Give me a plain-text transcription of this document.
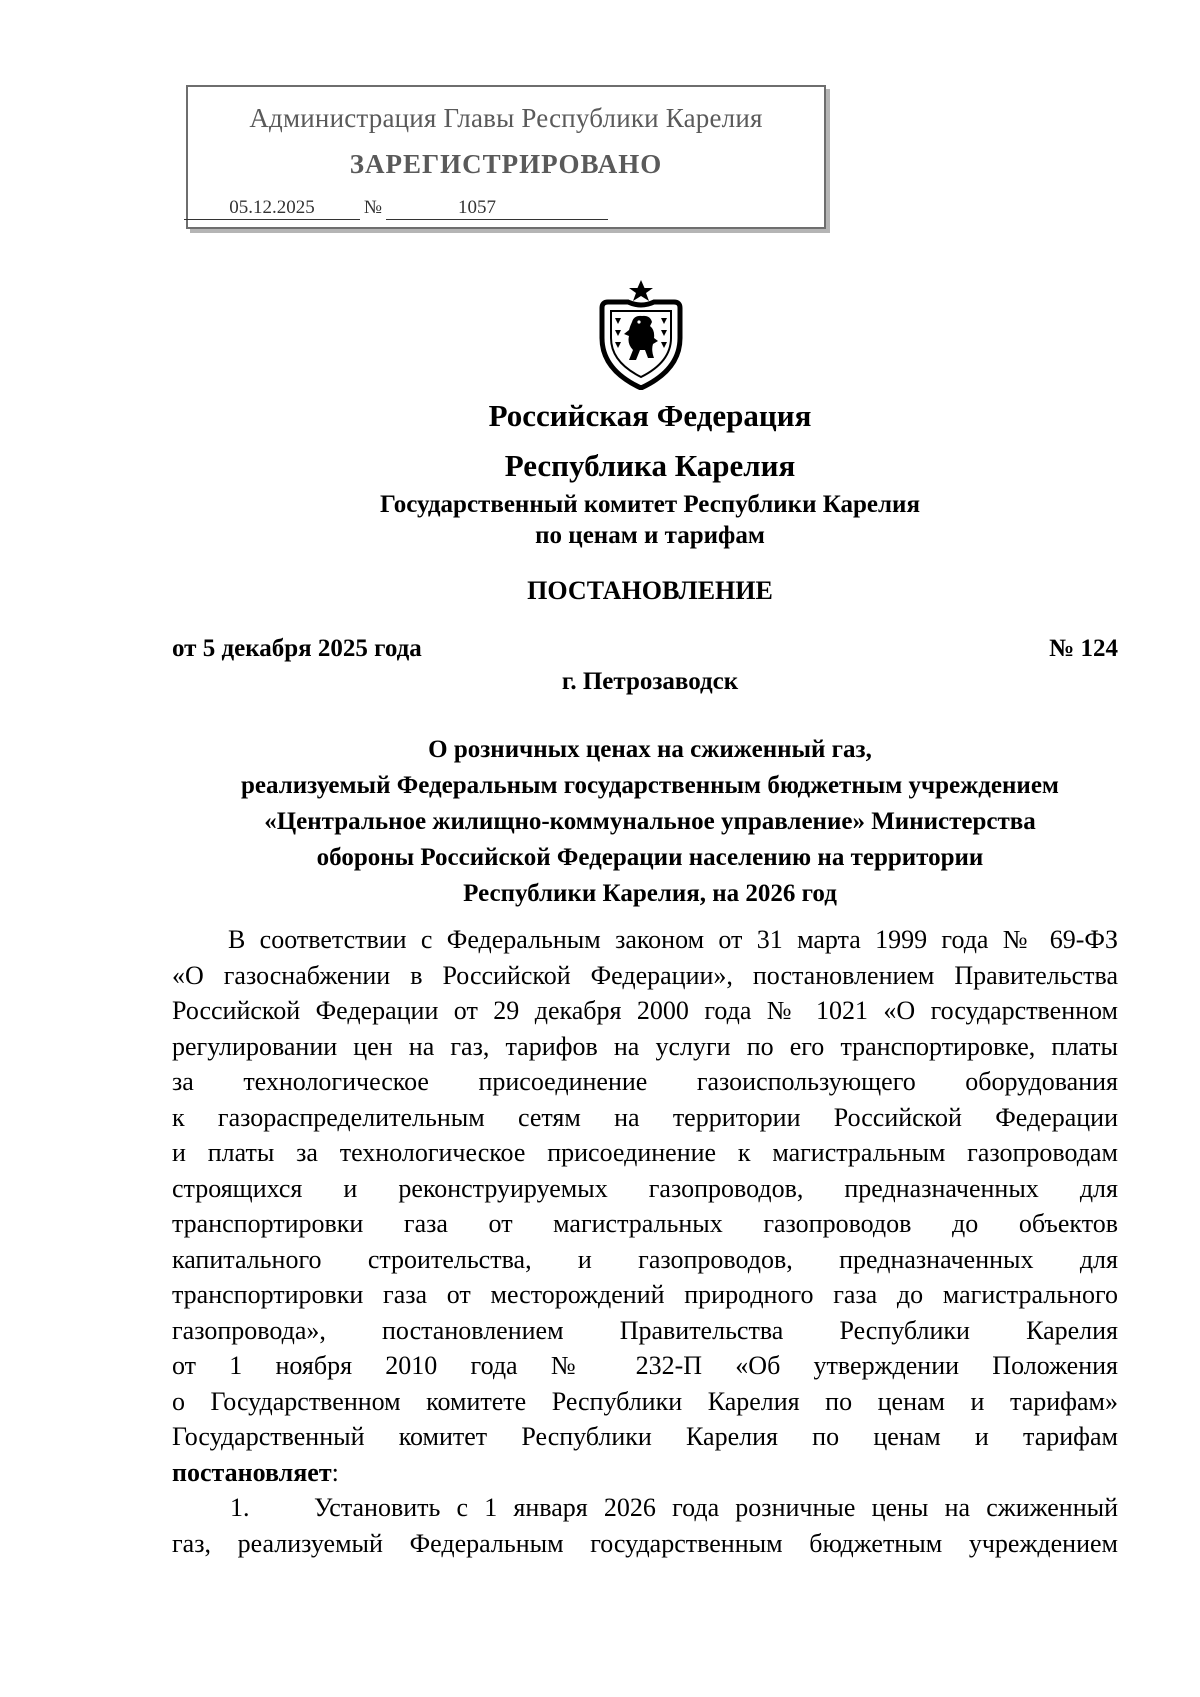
Администрация Главы Республики Карелия
ЗАРЕГИСТРИРОВАНО
05.12.2025	№	1057
Российская Федерация
Республика Карелия
Государственный комитет Республики Карелия
по ценам и тарифам
ПОСТАНОВЛЕНИЕ
от 5 декабря 2025 года	№ 124
г. Петрозаводск
О розничных ценах на сжиженный газ,
реализуемый Федеральным государственным бюджетным учреждением
«Центральное жилищно-коммунальное управление» Министерства
обороны Российской Федерации населению на территории
Республики Карелия, на 2026 год
В соответствии с Федеральным законом от 31 марта 1999 года № 69-ФЗ
«О газоснабжении в Российской Федерации», постановлением Правительства
Российской Федерации от 29 декабря 2000 года № 1021 «О государственном
регулировании цен на газ, тарифов на услуги по его транспортировке, платы
за технологическое присоединение газоиспользующего оборудования
к газораспределительным сетям на территории Российской Федерации
и платы за технологическое присоединение к магистральным газопроводам
строящихся и реконструируемых газопроводов, предназначенных для
транспортировки газа от магистральных газопроводов до объектов
капитального строительства, и газопроводов, предназначенных для
транспортировки газа от месторождений природного газа до магистрального
газопровода», постановлением Правительства Республики Карелия
от 1 ноября 2010 года № 232-П «Об утверждении Положения
о Государственном комитете Республики Карелия по ценам и тарифам»
Государственный комитет Республики Карелия по ценам и тарифам
постановляет:
1. Установить с 1 января 2026 года розничные цены на сжиженный
газ, реализуемый Федеральным государственным бюджетным учреждением
